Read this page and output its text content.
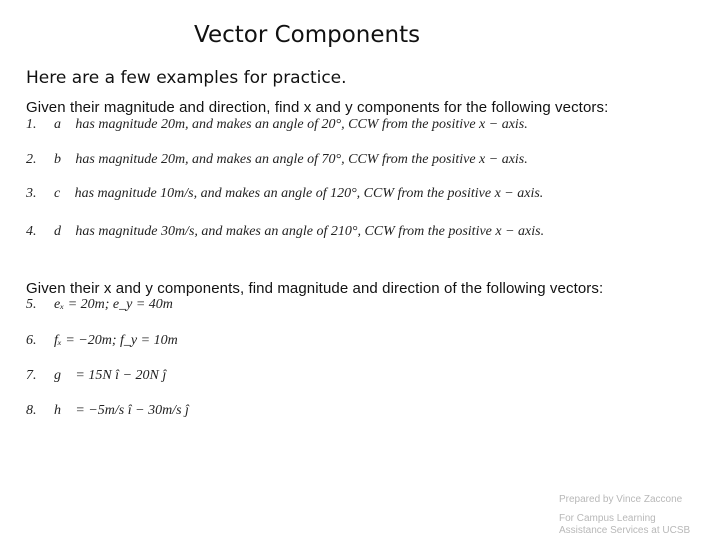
Vector Components
Here are a few examples for practice.
Given their magnitude and direction, find x and y components for the following vectors:
1. a⃗ has magnitude 20m, and makes an angle of 20°, CCW from the positive x − axis.
2. b⃗ has magnitude 20m, and makes an angle of 70°, CCW from the positive x − axis.
3. c⃗ has magnitude 10m/s, and makes an angle of 120°, CCW from the positive x − axis.
4. d⃗ has magnitude 30m/s, and makes an angle of 210°, CCW from the positive x − axis.
Given their x and y components, find magnitude and direction of the following vectors:
5. eₓ = 20m; e_y = 40m
6. fₓ = −20m; f_y = 10m
7. g⃗ = 15N î − 20N ĵ
8. h⃗ = −5m/s î − 30m/s ĵ
Prepared by Vince Zaccone
For Campus Learning
Assistance Services at UCSB
